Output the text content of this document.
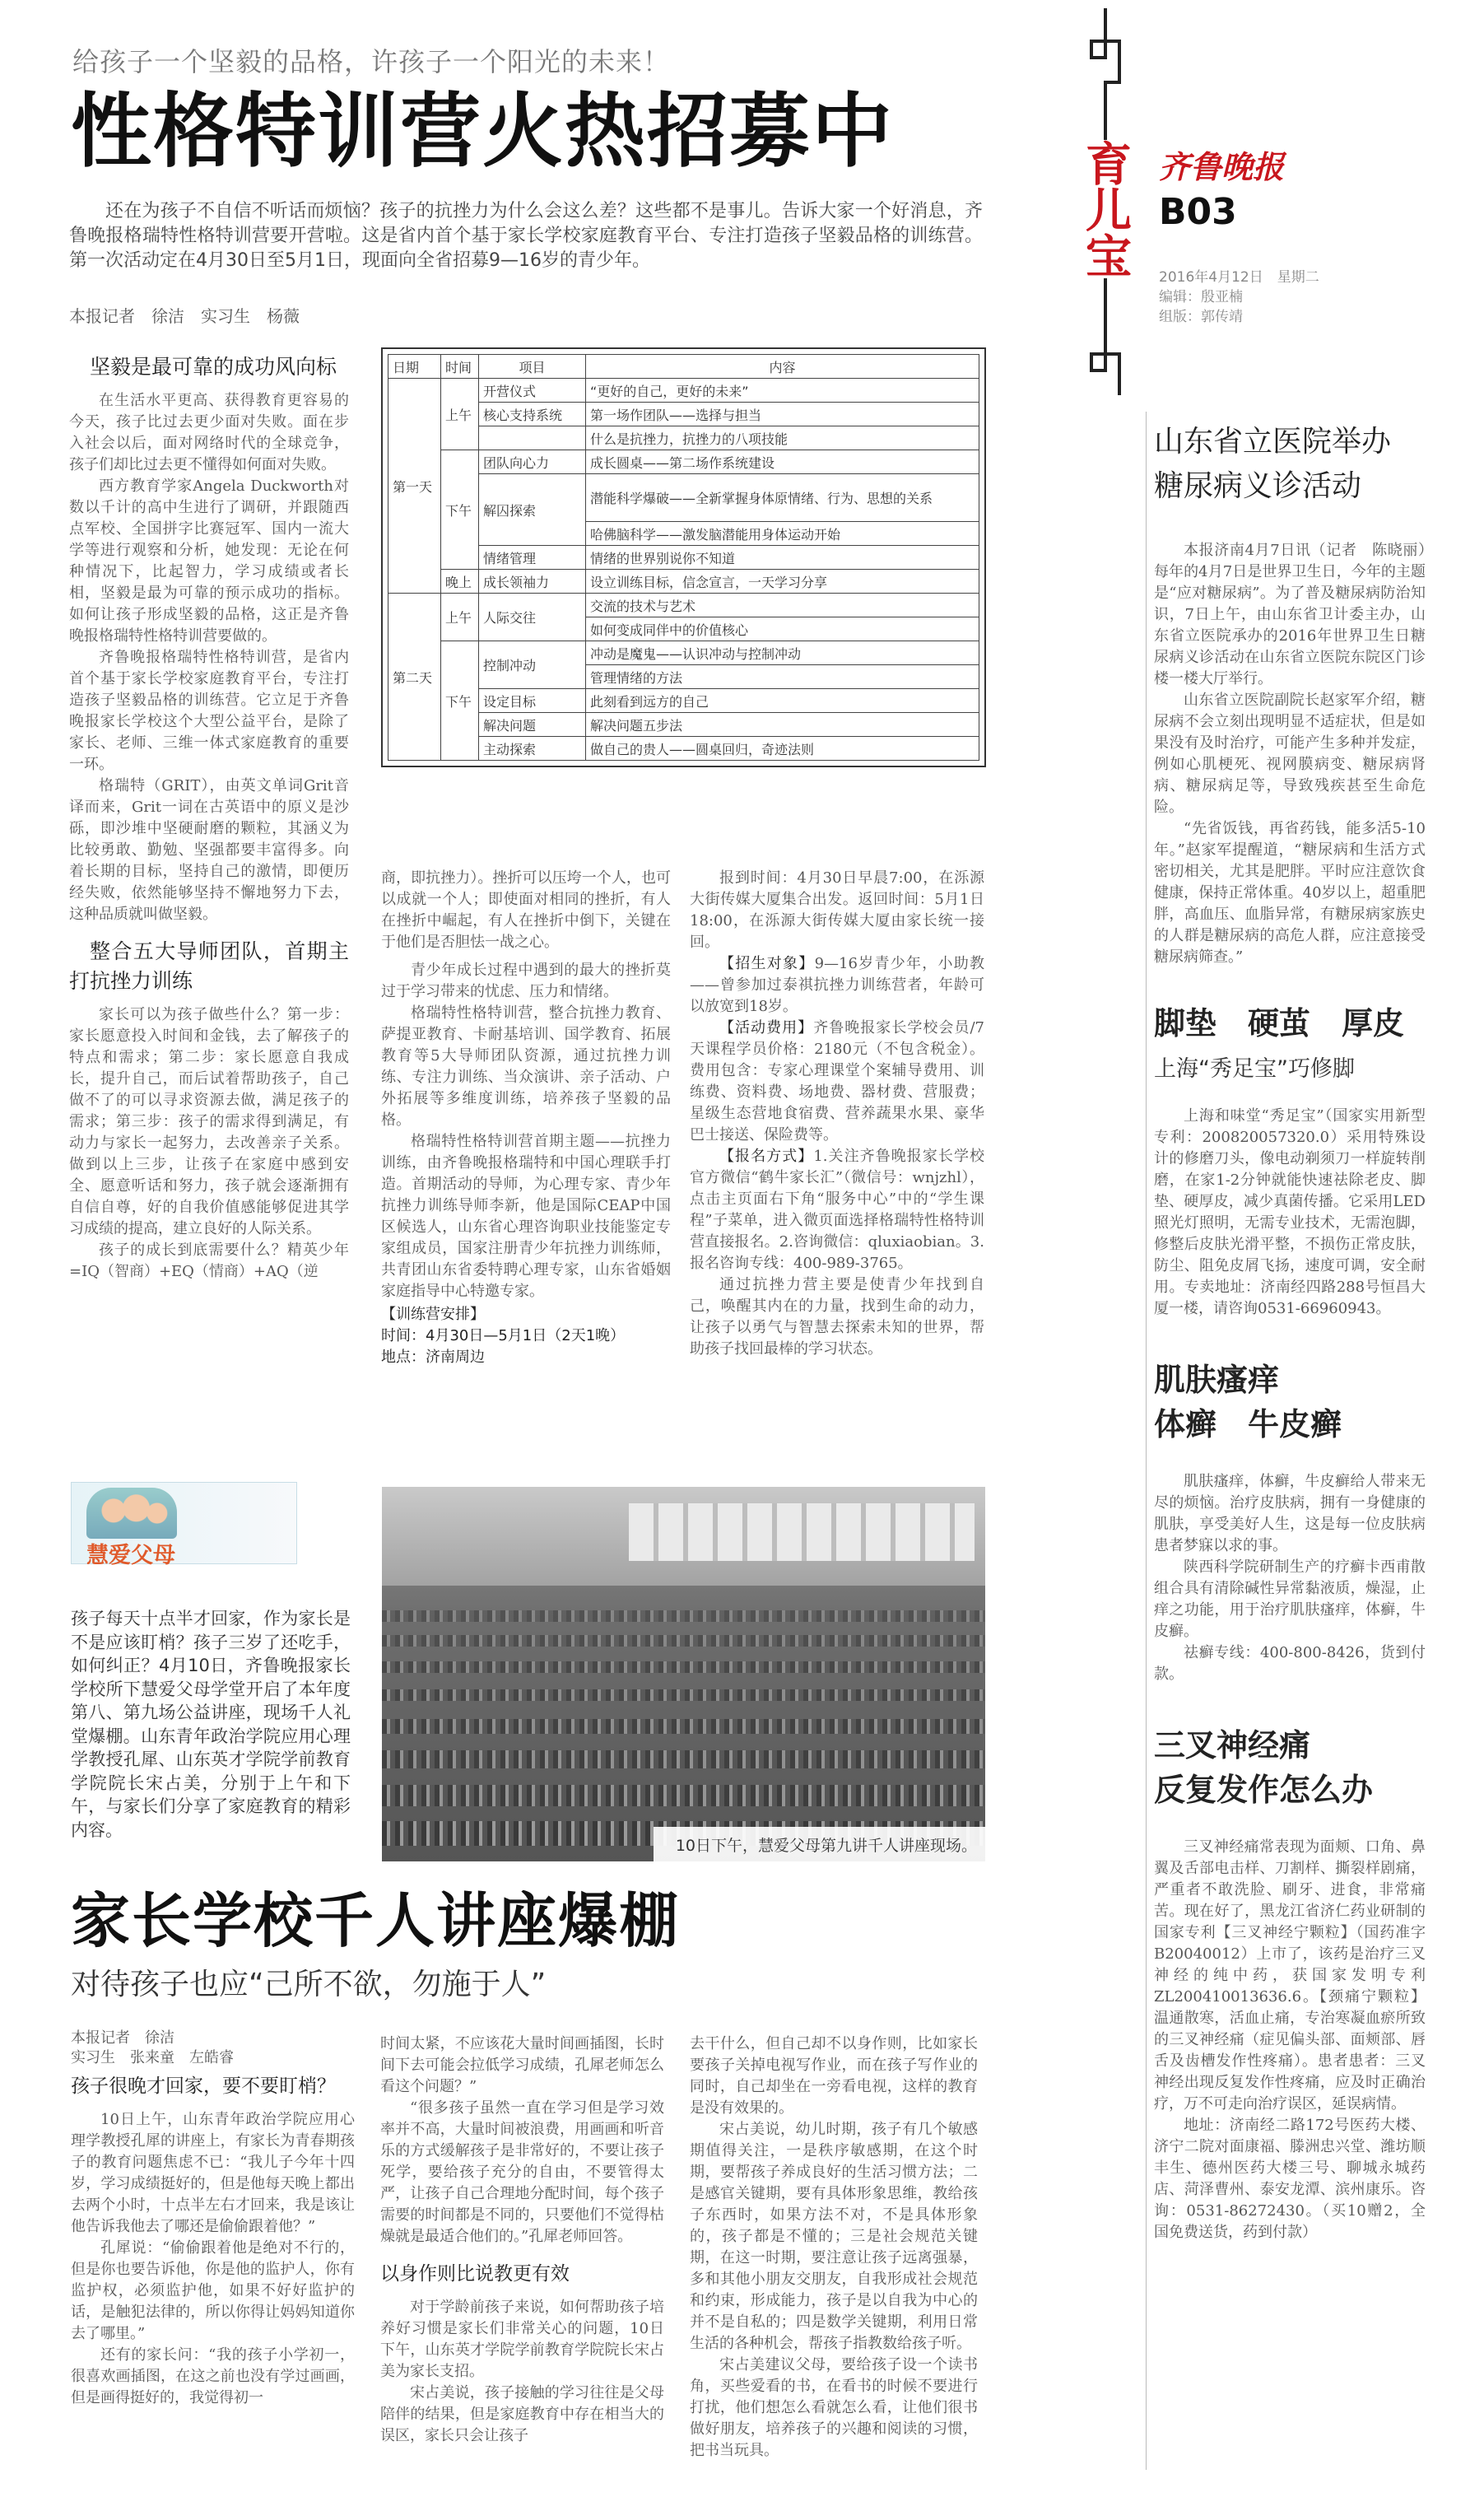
给孩子一个坚毅的品格，许孩子一个阳光的未来！
性格特训营火热招募中
育儿宝 齐鲁晚报
B03
2016年4月12日　星期二
编辑：殷亚楠
组版：郭传靖

还在为孩子不自信不听话而烦恼？孩子的抗挫力为什么会这么差？这些都不是事儿。告诉大家一个好消息，齐鲁晚报格瑞特性格特训营要开营啦。这是省内首个基于家长学校家庭教育平台、专注打造孩子坚毅品格的训练营。第一次活动定在4月30日至5月1日，现面向全省招募9—16岁的青少年。

本报记者　徐洁　实习生　杨薇
坚毅是最可靠的成功风向标

在生活水平更高、获得教育更容易的今天，孩子比过去更少面对失败。面在步入社会以后，面对网络时代的全球竞争，孩子们却比过去更不懂得如何面对失败。

西方教育学家Angela Duckworth对数以千计的高中生进行了调研，并跟随西点军校、全国拼字比赛冠军、国内一流大学等进行观察和分析，她发现：无论在何种情况下，比起智力，学习成绩或者长相，坚毅是最为可靠的预示成功的指标。如何让孩子形成坚毅的品格，这正是齐鲁晚报格瑞特性格特训营要做的。

齐鲁晚报格瑞特性格特训营，是省内首个基于家长学校家庭教育平台，专注打造孩子坚毅品格的训练营。它立足于齐鲁晚报家长学校这个大型公益平台，是除了家长、老师、三维一体式家庭教育的重要一环。

格瑞特（GRIT），由英文单词Grit音译而来，Grit一词在古英语中的原义是沙砾，即沙堆中坚硬耐磨的颗粒，其涵义为比较勇敢、勤勉、坚强都要丰富得多。向着长期的目标，坚持自己的激情，即便历经失败，依然能够坚持不懈地努力下去，这种品质就叫做坚毅。

整合五大导师团队，首期主打抗挫力训练

家长可以为孩子做些什么？第一步：家长愿意投入时间和金钱，去了解孩子的特点和需求；第二步：家长愿意自我成长，提升自己，而后试着帮助孩子，自己做不了的可以寻求资源去做，满足孩子的需求；第三步：孩子的需求得到满足，有动力与家长一起努力，去改善亲子关系。做到以上三步，让孩子在家庭中感到安全、愿意听话和努力，孩子就会逐渐拥有自信自尊，好的自我价值感能够促进其学习成绩的提高，建立良好的人际关系。

孩子的成长到底需要什么？精英少年=IQ（智商）+EQ（情商）+AQ（逆

日期	时间	项目	内容
第一天	上午	开营仪式	“更好的自己，更好的未来”
		核心支持系统	第一场作团队——选择与担当
			什么是抗挫力，抗挫力的八项技能
	下午	团队向心力	成长圆桌——第二场作系统建设
		解囚探索	潜能科学爆破——全新掌握身体原情绪、行为、思想的关系
			哈佛脑科学——激发脑潜能用身体运动开始
		情绪管理	情绪的世界别说你不知道
	晚上	成长领袖力	设立训练目标，信念宣言，一天学习分享
第二天	上午	人际交往	交流的技术与艺术
			如何变成同伴中的价值核心
	下午	控制冲动	冲动是魔鬼——认识冲动与控制冲动
			管理情绪的方法
		设定目标	此刻看到远方的自己
		解决问题	解决问题五步法
		主动探索	做自己的贵人——圆桌回归，奇迹法则

商，即抗挫力）。挫折可以压垮一个人，也可以成就一个人；即使面对相同的挫折，有人在挫折中崛起，有人在挫折中倒下，关键在于他们是否胆怯一战之心。

青少年成长过程中遇到的最大的挫折莫过于学习带来的忧虑、压力和情绪。

格瑞特性格特训营，整合抗挫力教育、萨提亚教育、卡耐基培训、国学教育、拓展教育等5大导师团队资源，通过抗挫力训练、专注力训练、当众演讲、亲子活动、户外拓展等多维度训练，培养孩子坚毅的品格。

格瑞特性格特训营首期主题——抗挫力训练，由齐鲁晚报格瑞特和中国心理联手打造。首期活动的导师，为心理专家、青少年抗挫力训练导师李新，他是国际CEAP中国区候选人，山东省心理咨询职业技能鉴定专家组成员，国家注册青少年抗挫力训练师，共青团山东省委特聘心理专家，山东省婚姻家庭指导中心特邀专家。

【训练营安排】
时间：4月30日—5月1日（2天1晚）
地点：济南周边

报到时间：4月30日早晨7:00，在泺源大街传媒大厦集合出发。返回时间：5月1日18:00，在泺源大街传媒大厦由家长统一接回。

【招生对象】9—16岁青少年，小助教——曾参加过泰祺抗挫力训练营者，年龄可以放宽到18岁。

【活动费用】齐鲁晚报家长学校会员/7天课程学员价格：2180元（不包含税金）。费用包含：专家心理课堂个案辅导费用、训练费、资料费、场地费、器材费、营服费；星级生态营地食宿费、营养蔬果水果、豪华巴士接送、保险费等。

【报名方式】1.关注齐鲁晚报家长学校官方微信“鹤牛家长汇”（微信号：wnjzhl），点击主页面右下角“服务中心”中的“学生课程”子菜单，进入微页面选择格瑞特性格特训营直接报名。2.咨询微信：qluxiaobian。3.报名咨询专线：400-989-3765。

通过抗挫力营主要是使青少年找到自己，唤醒其内在的力量，找到生命的动力，让孩子以勇气与智慧去探索未知的世界，帮助孩子找回最棒的学习状态。

慧爱父母
孩子每天十点半才回家，作为家长是不是应该盯梢？孩子三岁了还吃手，如何纠正？4月10日，齐鲁晚报家长学校所下慧爱父母学堂开启了本年度第八、第九场公益讲座，现场千人礼堂爆棚。山东青年政治学院应用心理学教授孔犀、山东英才学院学前教育学院院长宋占美，分别于上午和下午，与家长们分享了家庭教育的精彩内容。
10日下午，慧爱父母第九讲千人讲座现场。
家长学校千人讲座爆棚
对待孩子也应“己所不欲，勿施于人”
本报记者　徐洁
实习生　张来童　左皓睿
孩子很晚才回家，要不要盯梢？

10日上午，山东青年政治学院应用心理学教授孔犀的讲座上，有家长为青春期孩子的教育问题焦虑不已：“我儿子今年十四岁，学习成绩挺好的，但是他每天晚上都出去两个小时，十点半左右才回来，我是该让他告诉我他去了哪还是偷偷跟着他？”

孔犀说：“偷偷跟着他是绝对不行的，但是你也要告诉他，你是他的监护人，你有监护权，必须监护他，如果不好好监护的话，是触犯法律的，所以你得让妈妈知道你去了哪里。”

还有的家长问：“我的孩子小学初一，很喜欢画插图，在这之前也没有学过画画，但是画得挺好的，我觉得初一

时间太紧，不应该花大量时间画插图，长时间下去可能会拉低学习成绩，孔犀老师怎么看这个问题？”

“很多孩子虽然一直在学习但是学习效率并不高，大量时间被浪费，用画画和听音乐的方式缓解孩子是非常好的，不要让孩子死学，要给孩子充分的自由，不要管得太严，让孩子自己合理地分配时间，每个孩子需要的时间都是不同的，只要他们不觉得枯燥就是最适合他们的。”孔犀老师回答。

以身作则比说教更有效

对于学龄前孩子来说，如何帮助孩子培养好习惯是家长们非常关心的问题，10日下午，山东英才学院学前教育学院院长宋占美为家长支招。

宋占美说，孩子接触的学习往往是父母陪伴的结果，但是家庭教育中存在相当大的误区，家长只会让孩子

去干什么，但自己却不以身作则，比如家长要孩子关掉电视写作业，而在孩子写作业的同时，自己却坐在一旁看电视，这样的教育是没有效果的。

宋占美说，幼儿时期，孩子有几个敏感期值得关注，一是秩序敏感期，在这个时期，要帮孩子养成良好的生活习惯方法；二是感官关键期，要有具体形象思维，教给孩子东西时，如果方法不对，不是具体形象的，孩子都是不懂的；三是社会规范关键期，在这一时期，要注意让孩子远离强暴，多和其他小朋友交朋友，自我形成社会规范和约束，形成能力，孩子是以自我为中心的并不是自私的；四是数学关键期，利用日常生活的各种机会，帮孩子指教数给孩子听。

宋占美建议父母，要给孩子设一个读书角，买些爱看的书，在看书的时候不要进行打扰，他们想怎么看就怎么看，让他们很书做好朋友，培养孩子的兴趣和阅读的习惯，把书当玩具。

山东省立医院举办
糖尿病义诊活动

本报济南4月7日讯（记者　陈晓丽）　每年的4月7日是世界卫生日，今年的主题是“应对糖尿病”。为了普及糖尿病防治知识，7日上午，由山东省卫计委主办，山东省立医院承办的2016年世界卫生日糖尿病义诊活动在山东省立医院东院区门诊楼一楼大厅举行。

山东省立医院副院长赵家军介绍，糖尿病不会立刻出现明显不适症状，但是如果没有及时治疗，可能产生多种并发症，例如心肌梗死、视网膜病变、糖尿病肾病、糖尿病足等，导致残疾甚至生命危险。

“先省饭钱，再省药钱，能多活5-10年。”赵家军提醒道，“糖尿病和生活方式密切相关，尤其是肥胖。平时应注意饮食健康，保持正常体重。40岁以上，超重肥胖，高血压、血脂异常，有糖尿病家族史的人群是糖尿病的高危人群，应注意接受糖尿病筛查。”

脚垫　硬茧　厚皮
上海“秀足宝”巧修脚

上海和味堂“秀足宝”（国家实用新型专利：200820057320.0）采用特殊设计的修磨刀头，像电动剃须刀一样旋转削磨，在家1-2分钟就能快速祛除老皮、脚垫、硬厚皮，减少真菌传播。它采用LED照光灯照明，无需专业技术，无需泡脚，修整后皮肤光滑平整，不损伤正常皮肤，防尘、阻免皮屑飞扬，速度可调，安全耐用。专卖地址：济南经四路288号恒昌大厦一楼，请咨询0531-66960943。

肌肤瘙痒
体癣　牛皮癣

肌肤瘙痒，体癣，牛皮癣给人带来无尽的烦恼。治疗皮肤病，拥有一身健康的肌肤，享受美好人生，这是每一位皮肤病患者梦寐以求的事。

陕西科学院研制生产的疗癣卡西甫散组合具有清除碱性异常黏液质，燥湿，止痒之功能，用于治疗肌肤瘙痒，体癣，牛皮癣。

祛癣专线：400-800-8426，货到付款。

三叉神经痛
反复发作怎么办

三叉神经痛常表现为面颊、口角、鼻翼及舌部电击样、刀割样、撕裂样剧痛，严重者不敢洗脸、刷牙、进食，非常痛苦。现在好了，黑龙江省济仁药业研制的国家专利【三叉神经宁颗粒】（国药准字B20040012）上市了，该药是治疗三叉神经的纯中药，获国家发明专利ZL200410013636.6。【颈痛宁颗粒】温通散寒，活血止痛，专治寒凝血瘀所致的三叉神经痛（症见偏头部、面颊部、唇舌及齿槽发作性疼痛）。患者患者：三叉神经出现反复发作性疼痛，应及时正确治疗，万不可走向治疗误区，延误病情。

地址：济南经二路172号医药大楼、济宁二院对面康福、滕洲忠兴堂、潍坊顺丰生、德州医药大楼三号、聊城永城药店、菏泽曹州、泰安龙潭、滨州康乐。咨询：0531-86272430。（买10赠2，全国免费送货，药到付款）
